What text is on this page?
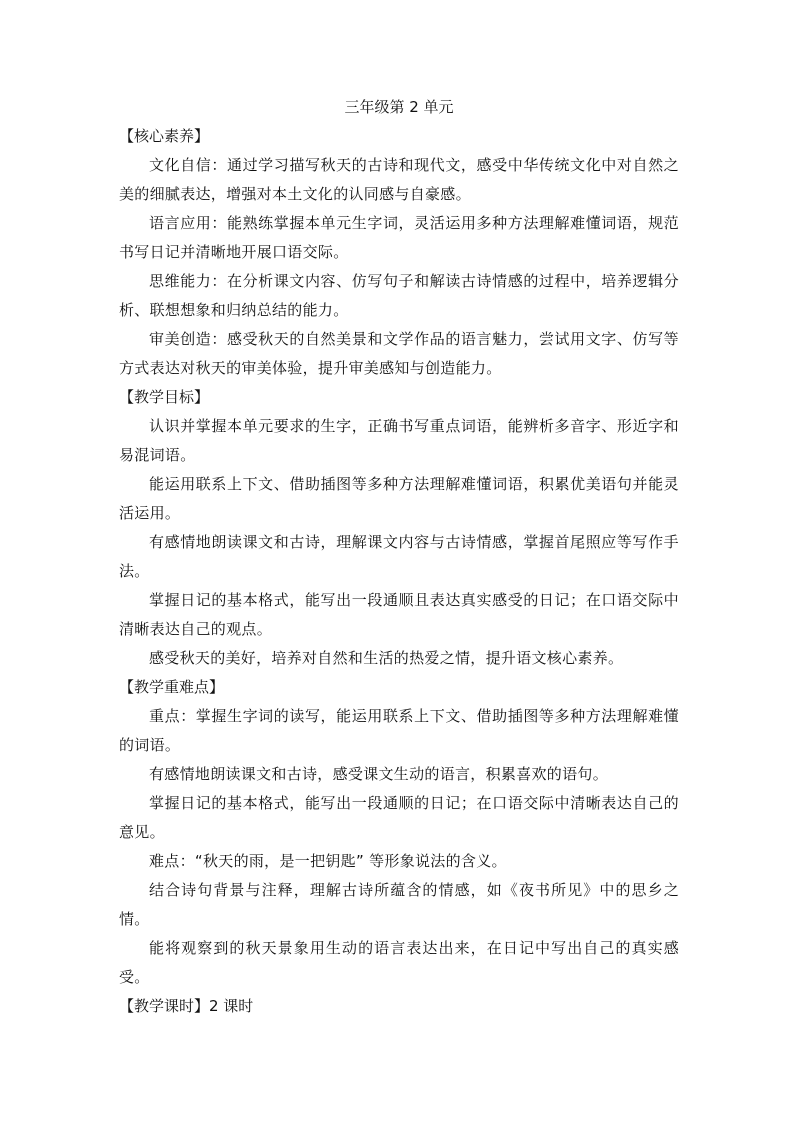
三年级第 2 单元

【核心素养】

文化自信：通过学习描写秋天的古诗和现代文，感受中华传统文化中对自然之美的细腻表达，增强对本土文化的认同感与自豪感。

语言应用：能熟练掌握本单元生字词，灵活运用多种方法理解难懂词语，规范书写日记并清晰地开展口语交际。

思维能力：在分析课文内容、仿写句子和解读古诗情感的过程中，培养逻辑分析、联想想象和归纳总结的能力。

审美创造：感受秋天的自然美景和文学作品的语言魅力，尝试用文字、仿写等方式表达对秋天的审美体验，提升审美感知与创造能力。

【教学目标】

认识并掌握本单元要求的生字，正确书写重点词语，能辨析多音字、形近字和易混词语。

能运用联系上下文、借助插图等多种方法理解难懂词语，积累优美语句并能灵活运用。

有感情地朗读课文和古诗，理解课文内容与古诗情感，掌握首尾照应等写作手法。

掌握日记的基本格式，能写出一段通顺且表达真实感受的日记；在口语交际中清晰表达自己的观点。

感受秋天的美好，培养对自然和生活的热爱之情，提升语文核心素养。

【教学重难点】

重点：掌握生字词的读写，能运用联系上下文、借助插图等多种方法理解难懂的词语。

有感情地朗读课文和古诗，感受课文生动的语言，积累喜欢的语句。

掌握日记的基本格式，能写出一段通顺的日记；在口语交际中清晰表达自己的意见。

难点：“秋天的雨，是一把钥匙” 等形象说法的含义。

结合诗句背景与注释，理解古诗所蕴含的情感，如《夜书所见》中的思乡之情。

能将观察到的秋天景象用生动的语言表达出来，在日记中写出自己的真实感受。

【教学课时】2 课时
